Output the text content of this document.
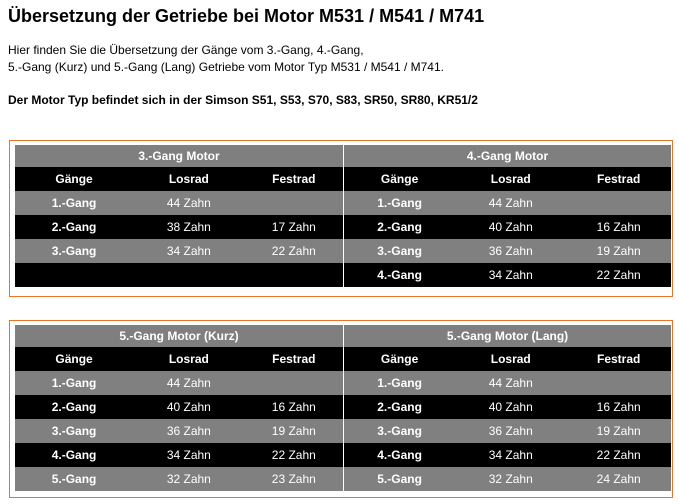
Übersetzung der Getriebe bei Motor M531 / M541 / M741

Hier finden Sie die Übersetzung der Gänge vom 3.-Gang, 4.-Gang,
5.-Gang (Kurz) und 5.-Gang (Lang) Getriebe vom Motor Typ M531 / M541 / M741.

Der Motor Typ befindet sich in der Simson S51, S53, S70, S83, SR50, SR80, KR51/2

3.-Gang Motor		
Gänge	Losrad	Festrad
1.-Gang	44 Zahn	
2.-Gang	38 Zahn	17 Zahn
3.-Gang	34 Zahn	22 Zahn

4.-Gang Motor		
Gänge	Losrad	Festrad
1.-Gang	44 Zahn	
2.-Gang	40 Zahn	16 Zahn
3.-Gang	36 Zahn	19 Zahn
4.-Gang	34 Zahn	22 Zahn
5.-Gang Motor (Kurz)		
Gänge	Losrad	Festrad
1.-Gang	44 Zahn	
2.-Gang	40 Zahn	16 Zahn
3.-Gang	36 Zahn	19 Zahn
4.-Gang	34 Zahn	22 Zahn
5.-Gang	32 Zahn	23 Zahn
5.-Gang Motor (Lang)		
Gänge	Losrad	Festrad
1.-Gang	44 Zahn	
2.-Gang	40 Zahn	16 Zahn
3.-Gang	36 Zahn	19 Zahn
4.-Gang	34 Zahn	22 Zahn
5.-Gang	32 Zahn	24 Zahn
